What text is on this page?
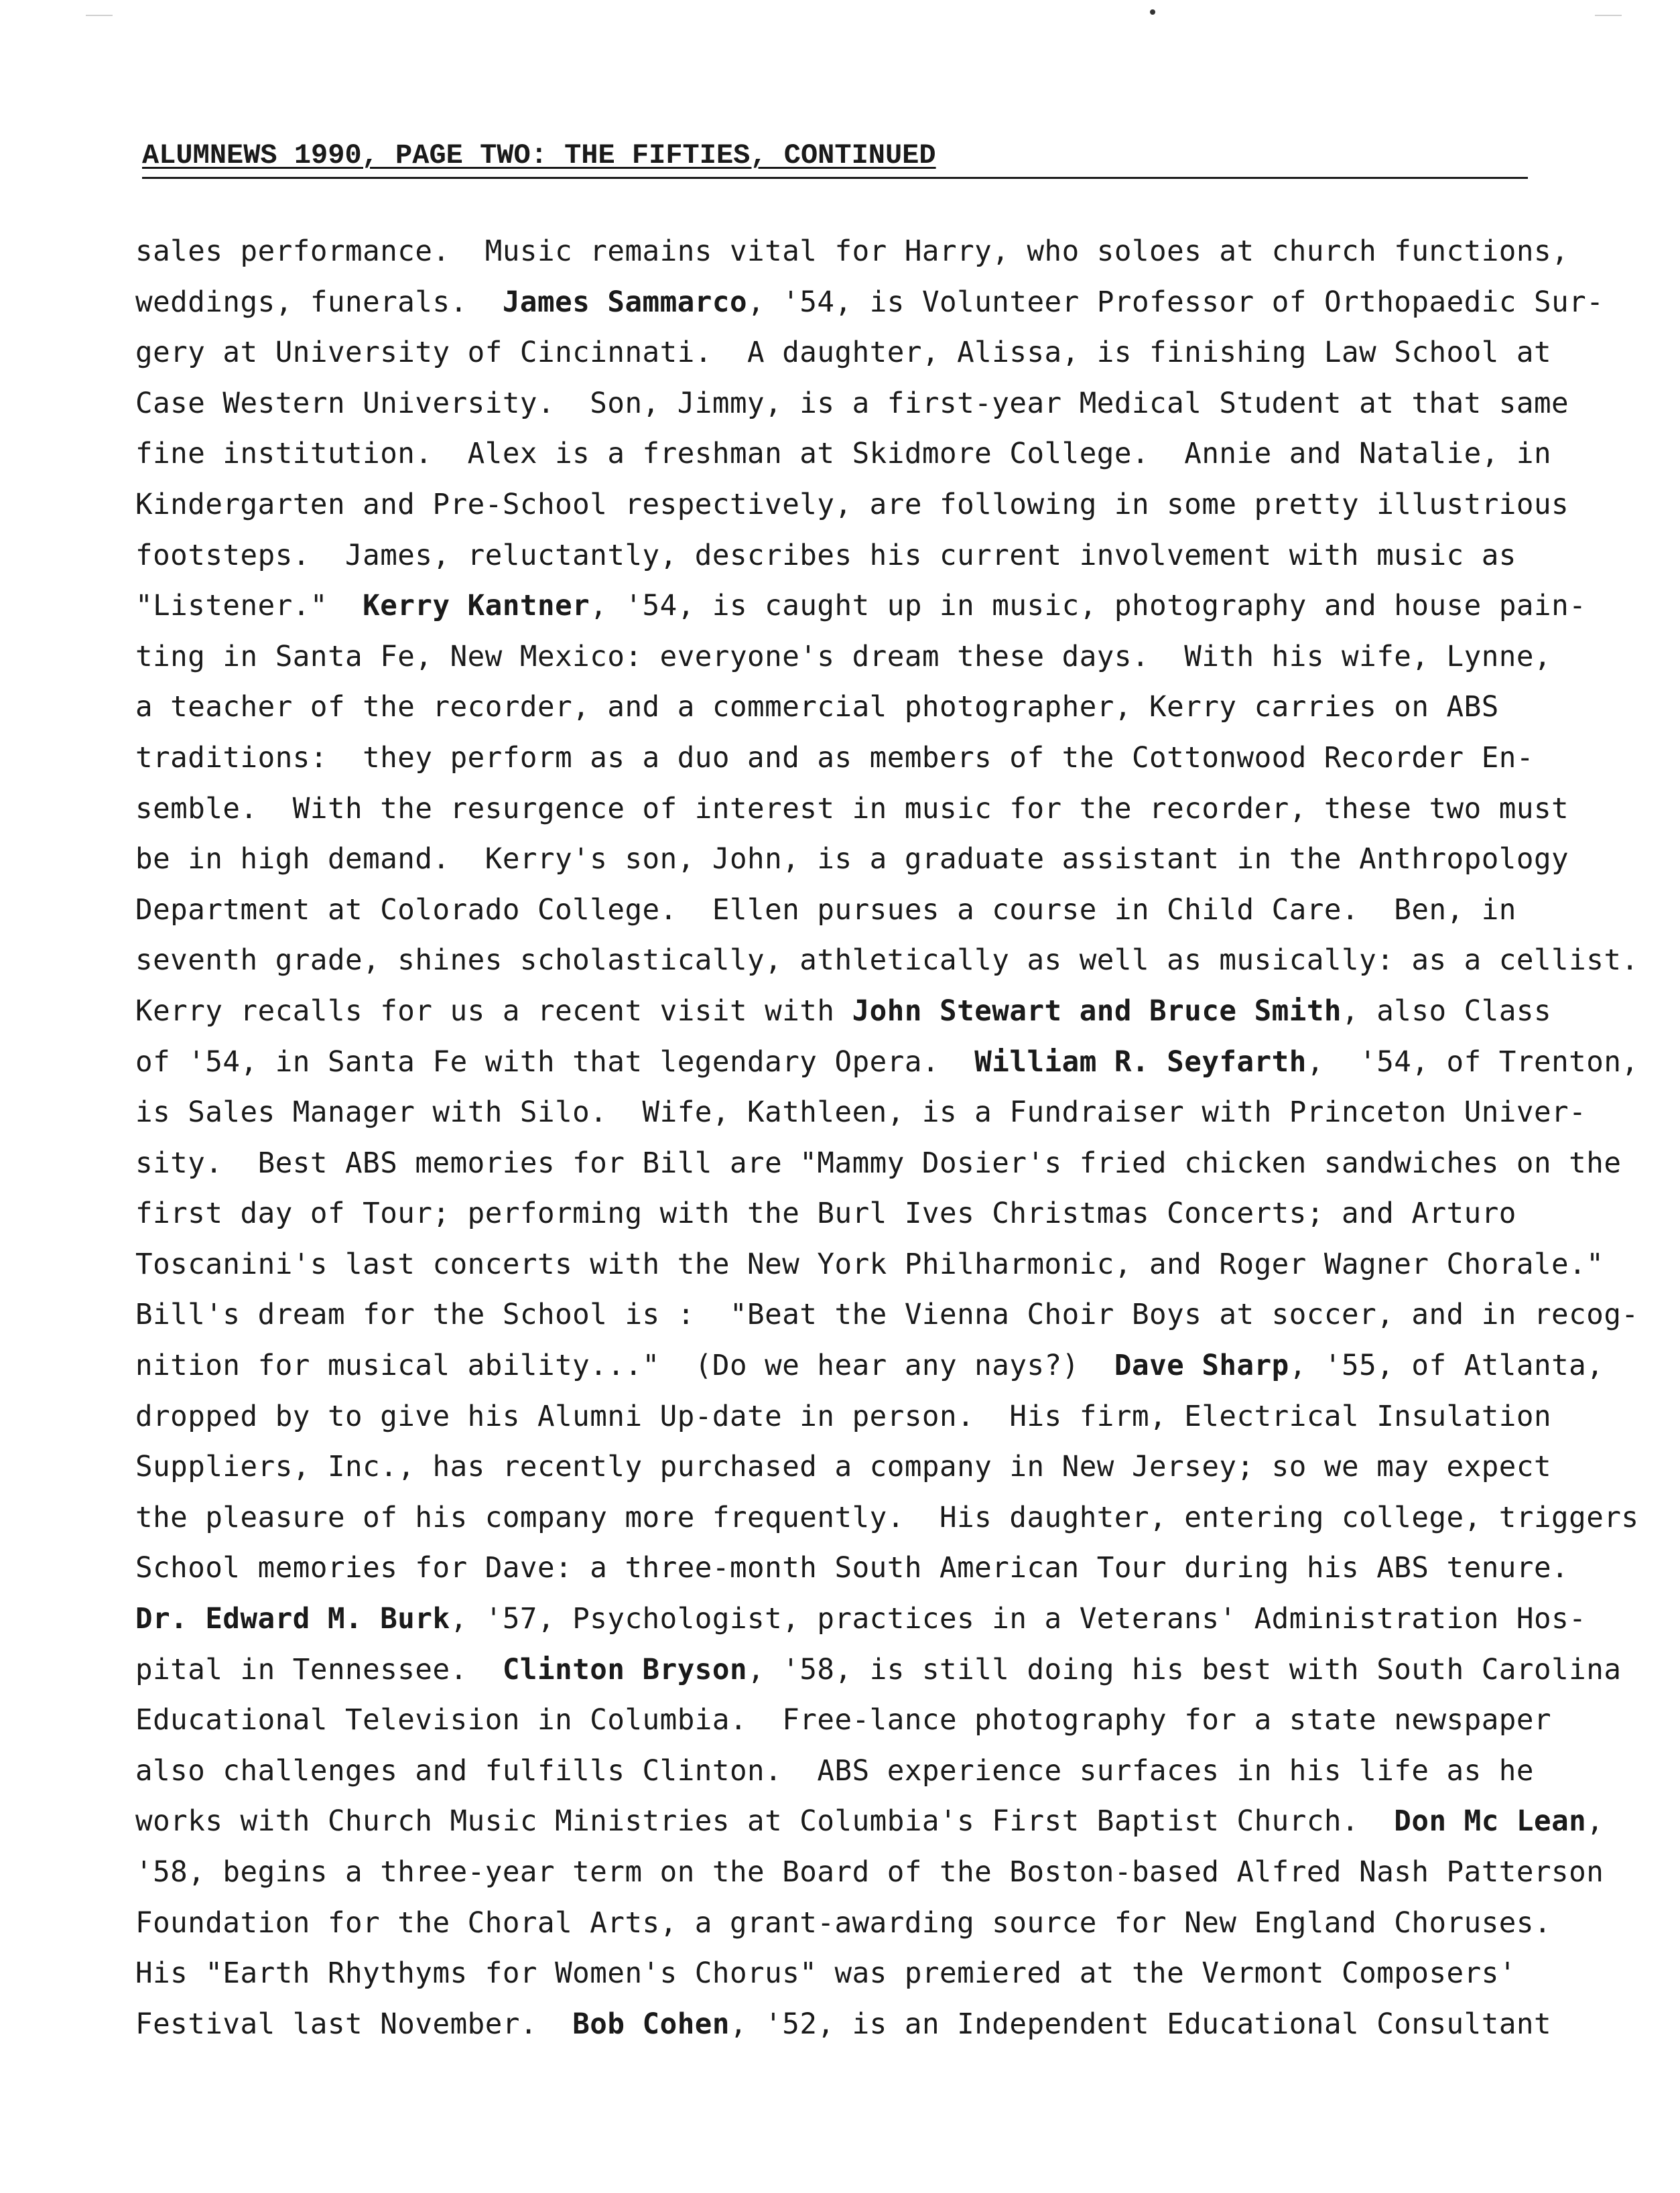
ALUMNEWS 1990, PAGE TWO: THE FIFTIES, CONTINUED
sales performance.  Music remains vital for Harry, who soloes at church functions,
weddings, funerals.  James Sammarco, '54, is Volunteer Professor of Orthopaedic Sur-
gery at University of Cincinnati.  A daughter, Alissa, is finishing Law School at
Case Western University.  Son, Jimmy, is a first-year Medical Student at that same
fine institution.  Alex is a freshman at Skidmore College.  Annie and Natalie, in
Kindergarten and Pre-School respectively, are following in some pretty illustrious
footsteps.  James, reluctantly, describes his current involvement with music as
"Listener."  Kerry Kantner, '54, is caught up in music, photography and house pain-
ting in Santa Fe, New Mexico: everyone's dream these days.  With his wife, Lynne,
a teacher of the recorder, and a commercial photographer, Kerry carries on ABS
traditions:  they perform as a duo and as members of the Cottonwood Recorder En-
semble.  With the resurgence of interest in music for the recorder, these two must
be in high demand.  Kerry's son, John, is a graduate assistant in the Anthropology
Department at Colorado College.  Ellen pursues a course in Child Care.  Ben, in
seventh grade, shines scholastically, athletically as well as musically: as a cellist.
Kerry recalls for us a recent visit with John Stewart and Bruce Smith, also Class
of '54, in Santa Fe with that legendary Opera.  William R. Seyfarth,  '54, of Trenton,
is Sales Manager with Silo.  Wife, Kathleen, is a Fundraiser with Princeton Univer-
sity.  Best ABS memories for Bill are "Mammy Dosier's fried chicken sandwiches on the
first day of Tour; performing with the Burl Ives Christmas Concerts; and Arturo
Toscanini's last concerts with the New York Philharmonic, and Roger Wagner Chorale."
Bill's dream for the School is :  "Beat the Vienna Choir Boys at soccer, and in recog-
nition for musical ability..."  (Do we hear any nays?)  Dave Sharp, '55, of Atlanta,
dropped by to give his Alumni Up-date in person.  His firm, Electrical Insulation
Suppliers, Inc., has recently purchased a company in New Jersey; so we may expect
the pleasure of his company more frequently.  His daughter, entering college, triggers
School memories for Dave: a three-month South American Tour during his ABS tenure.
Dr. Edward M. Burk, '57, Psychologist, practices in a Veterans' Administration Hos-
pital in Tennessee.  Clinton Bryson, '58, is still doing his best with South Carolina
Educational Television in Columbia.  Free-lance photography for a state newspaper
also challenges and fulfills Clinton.  ABS experience surfaces in his life as he
works with Church Music Ministries at Columbia's First Baptist Church.  Don Mc Lean,
'58, begins a three-year term on the Board of the Boston-based Alfred Nash Patterson
Foundation for the Choral Arts, a grant-awarding source for New England Choruses.
His "Earth Rhythyms for Women's Chorus" was premiered at the Vermont Composers'
Festival last November.  Bob Cohen, '52, is an Independent Educational Consultant
